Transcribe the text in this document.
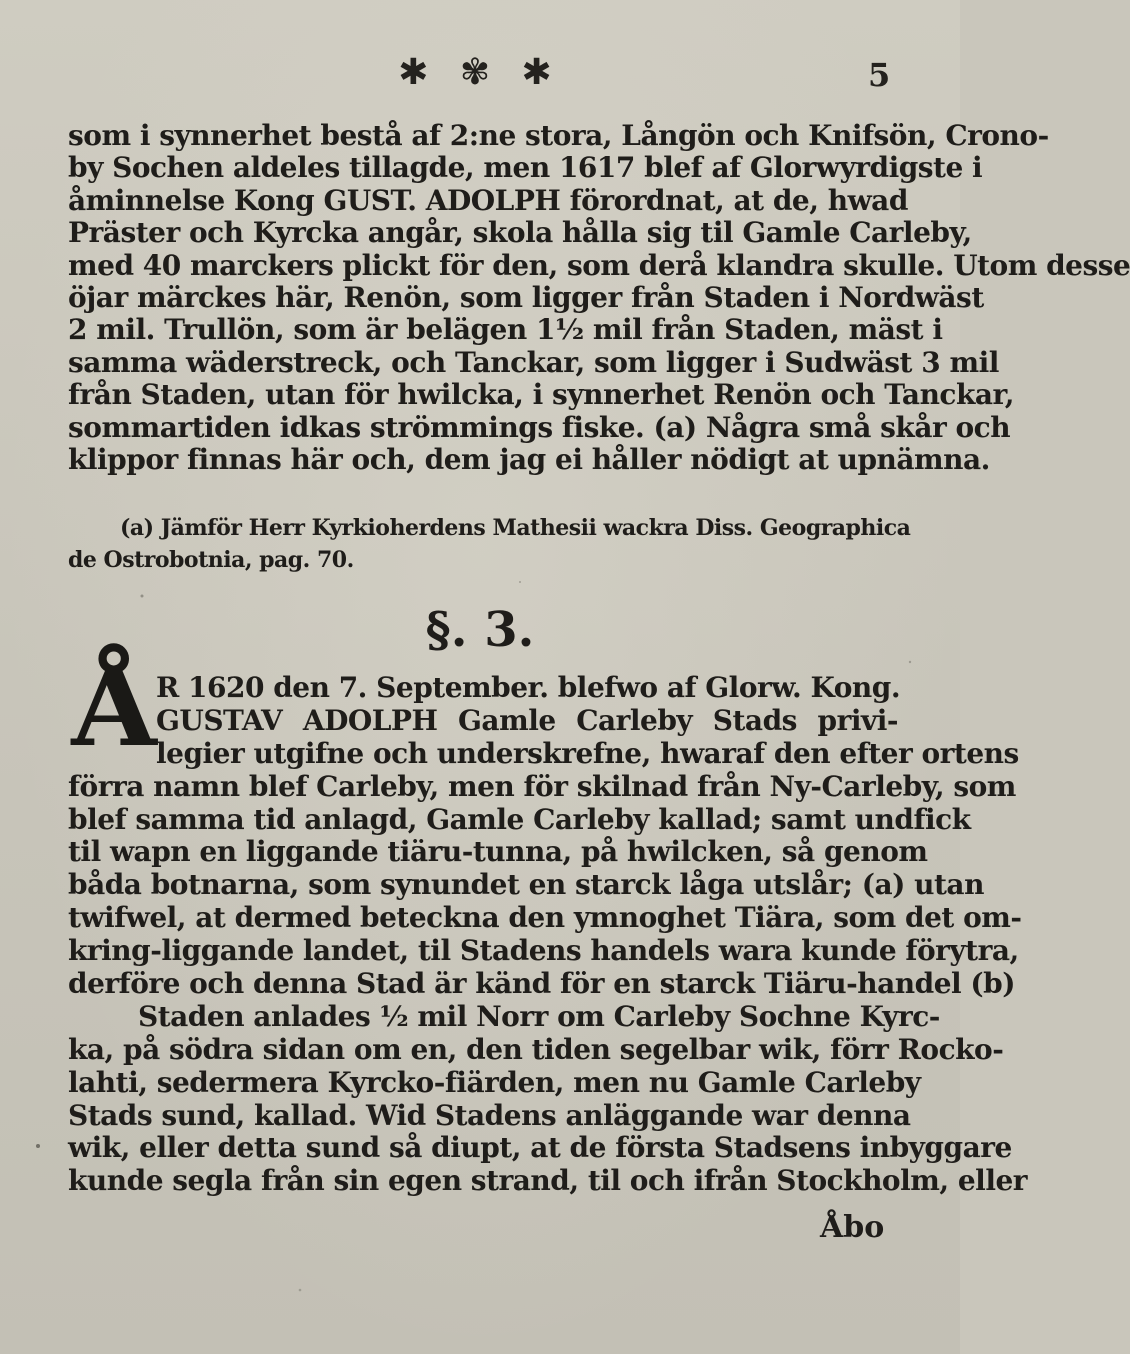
✱ ✾ ✱	5
som i synnerhet bestå af 2:ne stora, Långön och Knifsön, Crono-
by Sochen aldeles tillagde, men 1617 blef af Glorwyrdigste i
åminnelse Kong GUST. ADOLPH förordnat, at de, hwad
Präster och Kyrcka angår, skola hålla sig til Gamle Carleby,
med 40 marckers plickt för den, som derå klandra skulle. Utom desse
öjar märckes här, Renön, som ligger från Staden i Nordwäst
2 mil. Trullön, som är belägen 1½ mil från Staden, mäst i
samma wäderstreck, och Tanckar, som ligger i Sudwäst 3 mil
från Staden, utan för hwilcka, i synnerhet Renön och Tanckar,
sommartiden idkas strömmings fiske. (a) Några små skår och
klippor finnas här och, dem jag ei håller nödigt at upnämna.
(a) Jämför Herr Kyrkioherdens Mathesii wackra Diss. Geographica
de Ostrobotnia, pag. 70.
§. 3.
Å R 1620 den 7. September. blefwo af Glorw. Kong.
GUSTAV ADOLPH Gamle Carleby Stads privi-
legier utgifne och underskrefne, hwaraf den efter ortens
förra namn blef Carleby, men för skilnad från Ny-Carleby, som
blef samma tid anlagd, Gamle Carleby kallad; samt undfick
til wapn en liggande tiäru-tunna, på hwilcken, så genom
båda botnarna, som synundet en starck låga utslår; (a) utan
twifwel, at dermed beteckna den ymnoghet Tiära, som det om-
kring-liggande landet, til Stadens handels wara kunde förytra,
derföre och denna Stad är känd för en starck Tiäru-handel (b)
Staden anlades ½ mil Norr om Carleby Sochne Kyrc-
ka, på södra sidan om en, den tiden segelbar wik, förr Rocko-
lahti, sedermera Kyrcko-fiärden, men nu Gamle Carleby
Stads sund, kallad. Wid Stadens anläggande war denna
wik, eller detta sund så diupt, at de första Stadsens inbyggare
kunde segla från sin egen strand, til och ifrån Stockholm, eller
Åbo
